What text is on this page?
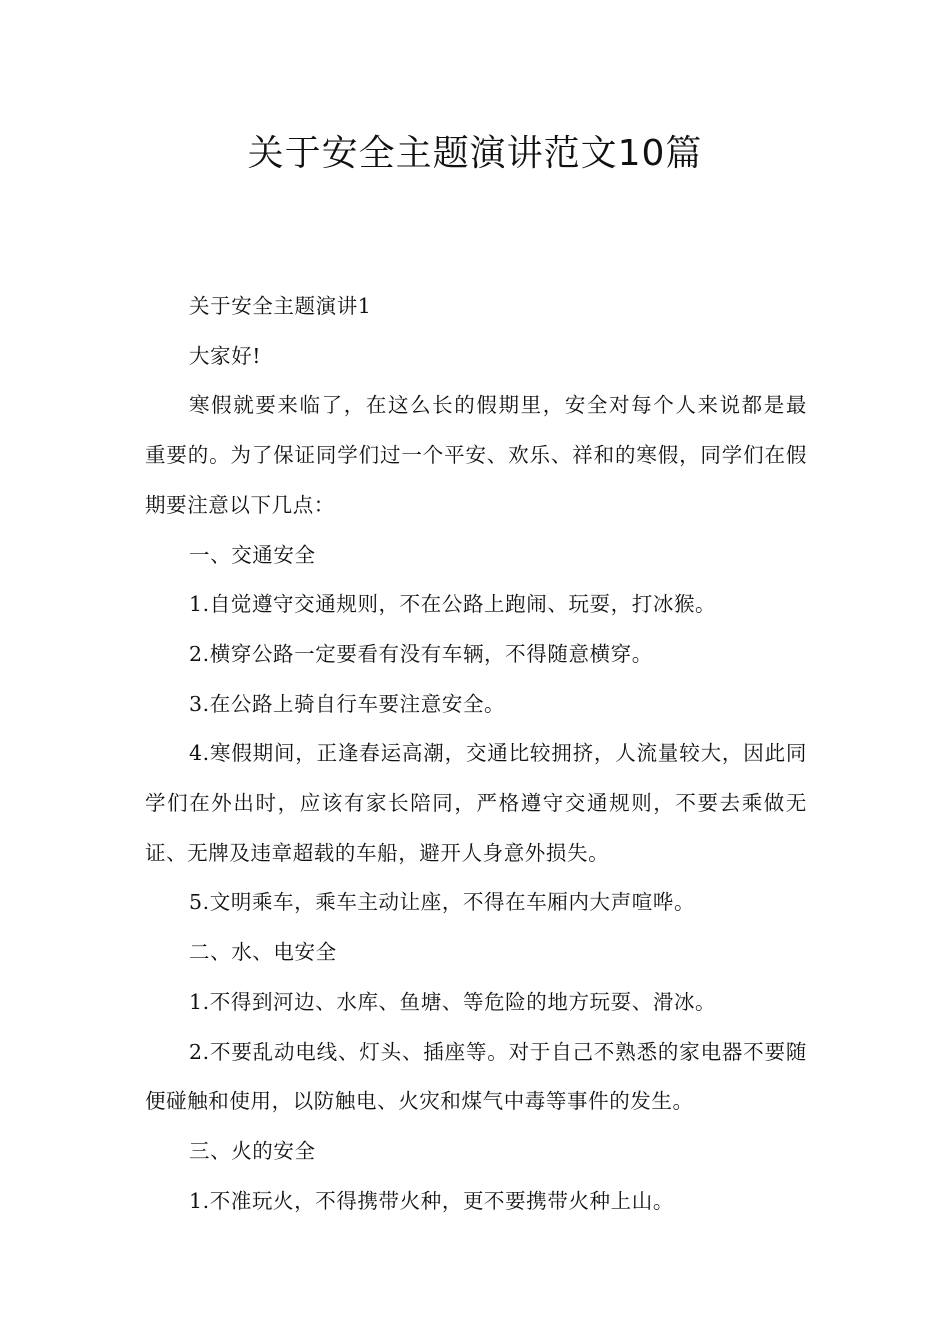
关于安全主题演讲范文10篇

关于安全主题演讲1

大家好!

寒假就要来临了，在这么长的假期里，安全对每个人来说都是最　重要的。为了保证同学们过一个平安、欢乐、祥和的寒假，同学们在假期要注意以下几点：

一、交通安全

1.自觉遵守交通规则，不在公路上跑闹、玩耍，打冰猴。

2.横穿公路一定要看有没有车辆，不得随意横穿。

3.在公路上骑自行车要注意安全。

4.寒假期间，正逢春运高潮，交通比较拥挤，人流量较大，因此同学们在外出时，应该有家长陪同，严格遵守交通规则，不要去乘做无证、无牌及违章超载的车船，避开人身意外损失。

5.文明乘车，乘车主动让座，不得在车厢内大声喧哗。

二、水、电安全

1.不得到河边、水库、鱼塘、等危险的地方玩耍、滑冰。

2.不要乱动电线、灯头、插座等。对于自己不熟悉的家电器不要随便碰触和使用，以防触电、火灾和煤气中毒等事件的发生。

三、火的安全

1.不准玩火，不得携带火种，更不要携带火种上山。
